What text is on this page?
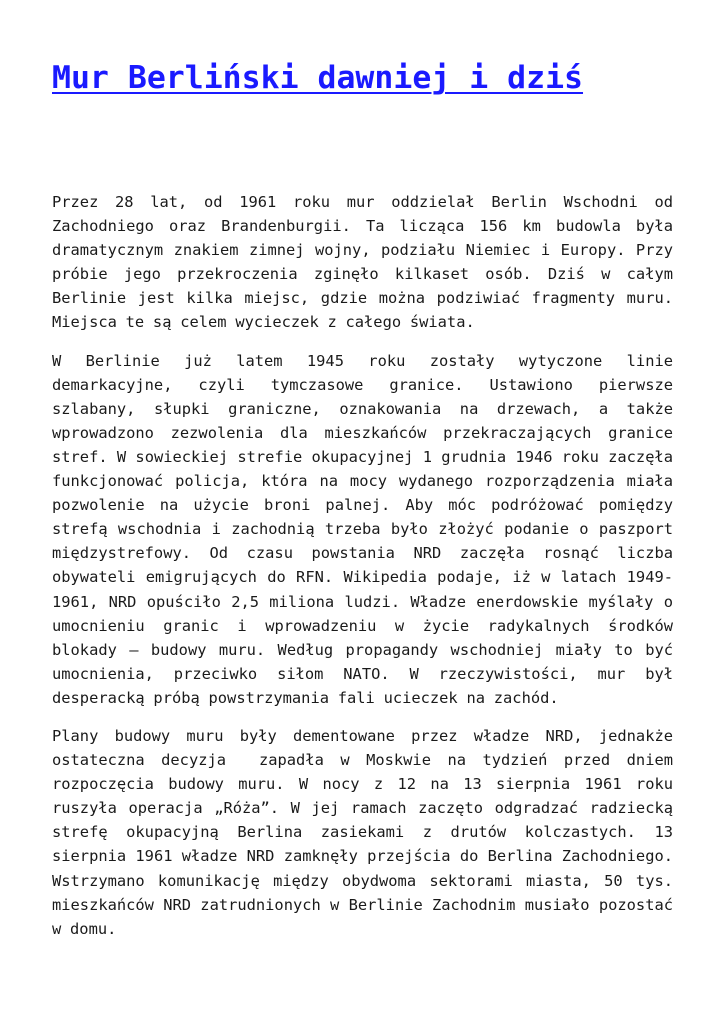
Mur Berliński dawniej i dziś

Przez 28 lat, od 1961 roku mur oddzielał Berlin Wschodni od Zachodniego oraz Brandenburgii. Ta licząca 156 km budowla była dramatycznym znakiem zimnej wojny, podziału Niemiec i Europy. Przy próbie jego przekroczenia zginęło kilkaset osób. Dziś w całym Berlinie jest kilka miejsc, gdzie można podziwiać fragmenty muru. Miejsca te są celem wycieczek z całego świata.

W Berlinie już latem 1945 roku zostały wytyczone linie demarkacyjne, czyli tymczasowe granice. Ustawiono pierwsze szlabany, słupki graniczne, oznakowania na drzewach, a także wprowadzono zezwolenia dla mieszkańców przekraczających granice stref. W sowieckiej strefie okupacyjnej 1 grudnia 1946 roku zaczęła funkcjonować policja, która na mocy wydanego rozporządzenia miała pozwolenie na użycie broni palnej. Aby móc podróżować pomiędzy strefą wschodnia i zachodnią trzeba było złożyć podanie o paszport międzystrefowy. Od czasu powstania NRD zaczęła rosnąć liczba obywateli emigrujących do RFN. Wikipedia podaje, iż w latach 1949-1961, NRD opuściło 2,5 miliona ludzi. Władze enerdowskie myślały o umocnieniu granic i wprowadzeniu w życie radykalnych środków blokady – budowy muru. Według propagandy wschodniej miały to być umocnienia, przeciwko siłom NATO. W rzeczywistości, mur był desperacką próbą powstrzymania fali ucieczek na zachód.

Plany budowy muru były dementowane przez władze NRD, jednakże ostateczna decyzja  zapadła w Moskwie na tydzień przed dniem rozpoczęcia budowy muru. W nocy z 12 na 13 sierpnia 1961 roku ruszyła operacja „Róża”. W jej ramach zaczęto odgradzać radziecką strefę okupacyjną Berlina zasiekami z drutów kolczastych. 13 sierpnia 1961 władze NRD zamknęły przejścia do Berlina Zachodniego. Wstrzymano komunikację między obydwoma sektorami miasta, 50 tys. mieszkańców NRD zatrudnionych w Berlinie Zachodnim musiało pozostać w domu.
